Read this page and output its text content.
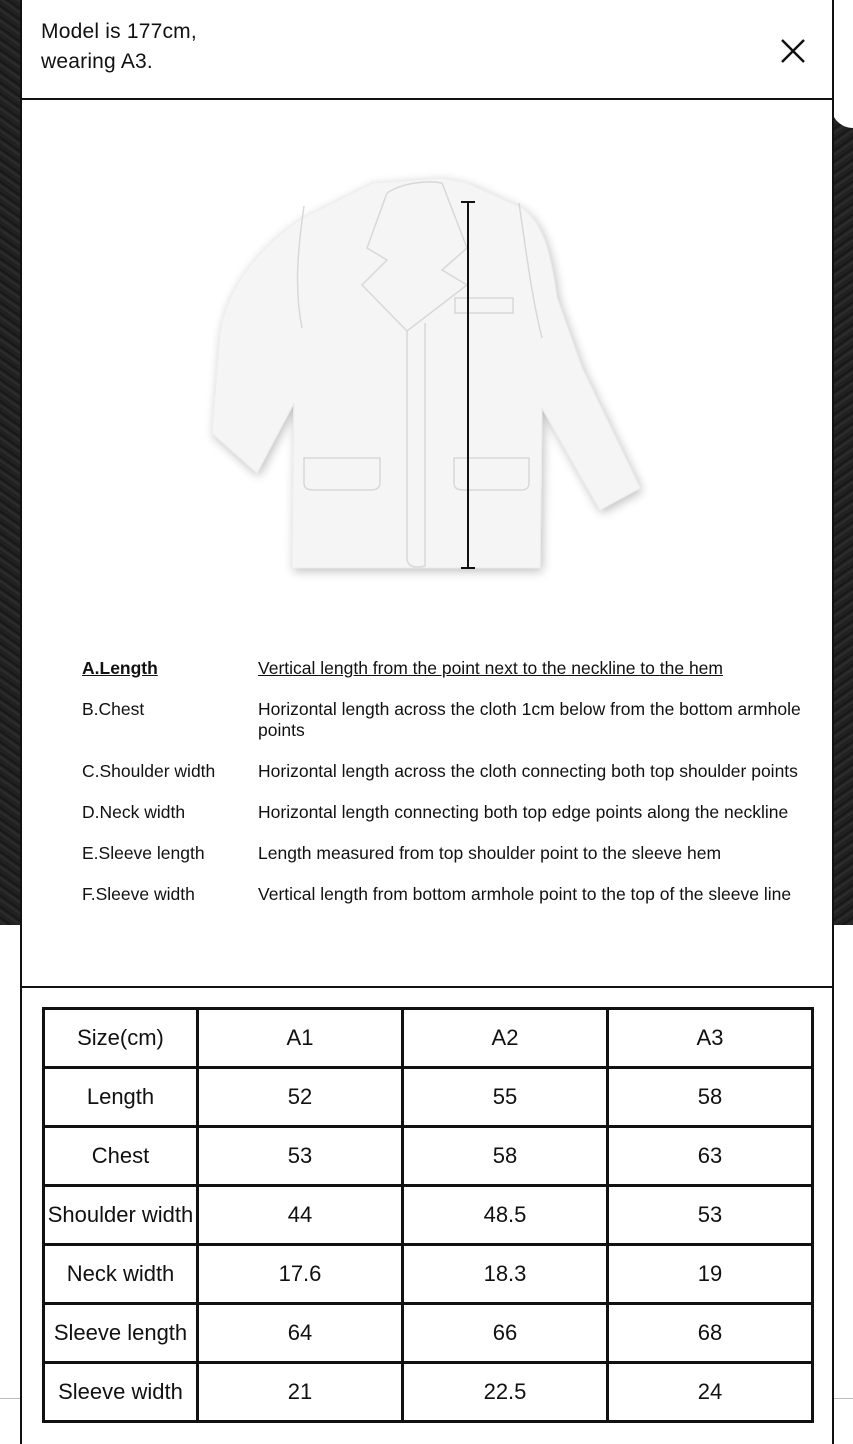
Model is 177cm,
wearing A3.
A.Length	Vertical length from the point next to the neckline to the hem
B.Chest	Horizontal length across the cloth 1cm below from the bottom armhole points
C.Shoulder width	Horizontal length across the cloth connecting both top shoulder points
D.Neck width	Horizontal length connecting both top edge points along the neckline
E.Sleeve length	Length measured from top shoulder point to the sleeve hem
F.Sleeve width	Vertical length from bottom armhole point to the top of the sleeve line
Size(cm)	A1	A2	A3
Length	52	55	58
Chest	53	58	63
Shoulder width	44	48.5	53
Neck width	17.6	18.3	19
Sleeve length	64	66	68
Sleeve width	21	22.5	24
